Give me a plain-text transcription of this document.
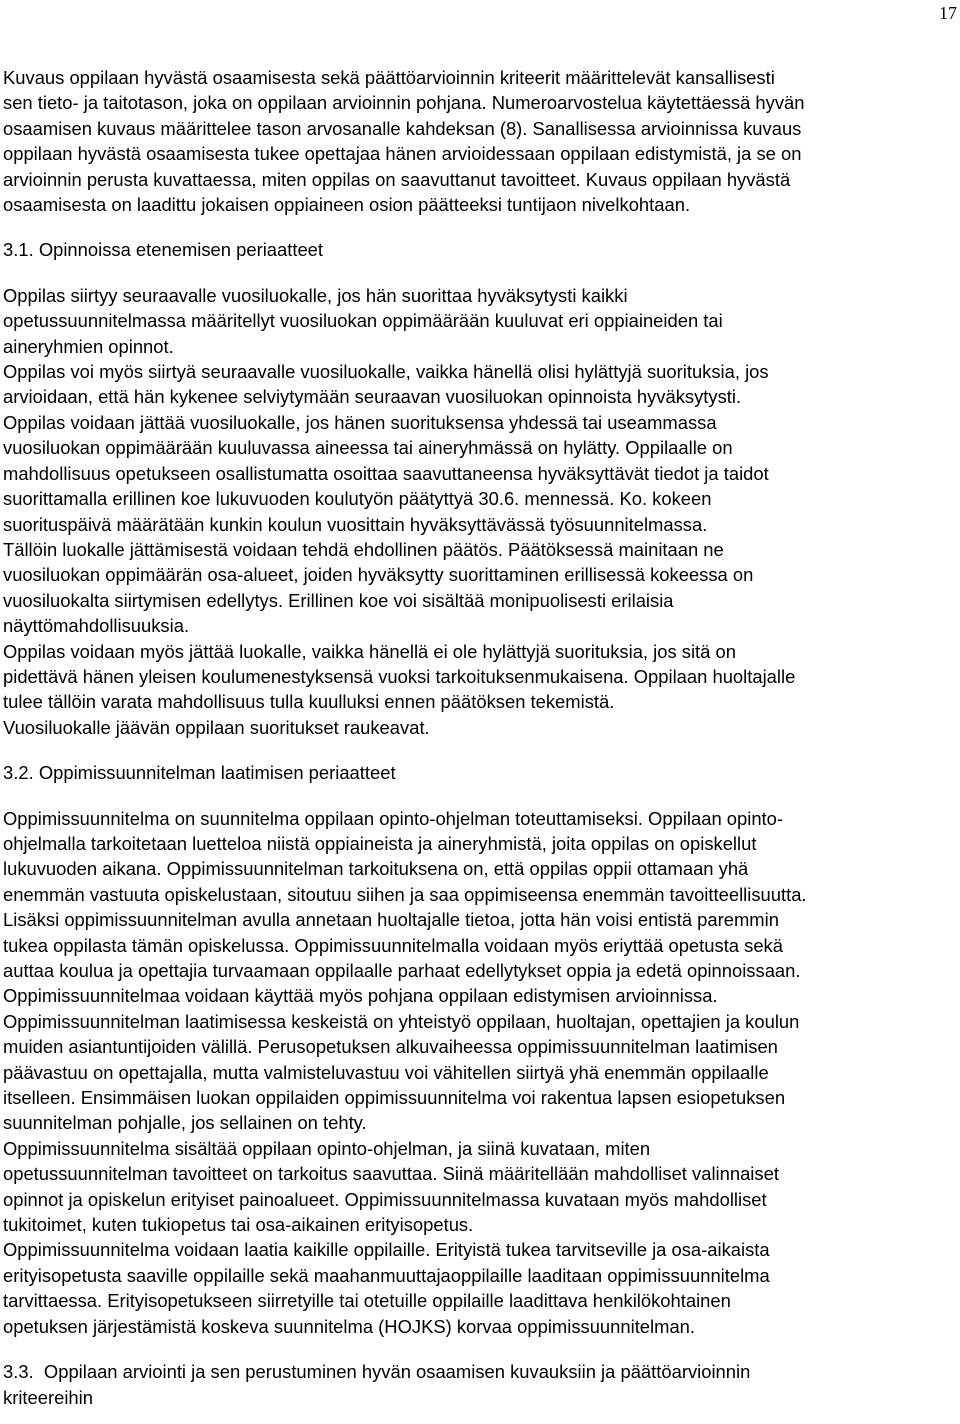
17

Kuvaus oppilaan hyvästä osaamisesta sekä päättöarvioinnin kriteerit määrittelevät kansallisesti
sen tieto- ja taitotason, joka on oppilaan arvioinnin pohjana. Numeroarvostelua käytettäessä hyvän
osaamisen kuvaus määrittelee tason arvosanalle kahdeksan (8). Sanallisessa arvioinnissa kuvaus
oppilaan hyvästä osaamisesta tukee opettajaa hänen arvioidessaan oppilaan edistymistä, ja se on
arvioinnin perusta kuvattaessa, miten oppilas on saavuttanut tavoitteet. Kuvaus oppilaan hyvästä
osaamisesta on laadittu jokaisen oppiaineen osion päätteeksi tuntijaon nivelkohtaan.

3.1. Opinnoissa etenemisen periaatteet

Oppilas siirtyy seuraavalle vuosiluokalle, jos hän suorittaa hyväksytysti kaikki
opetussuunnitelmassa määritellyt vuosiluokan oppimäärään kuuluvat eri oppiaineiden tai
aineryhmien opinnot.
Oppilas voi myös siirtyä seuraavalle vuosiluokalle, vaikka hänellä olisi hylättyjä suorituksia, jos
arvioidaan, että hän kykenee selviytymään seuraavan vuosiluokan opinnoista hyväksytysti.
Oppilas voidaan jättää vuosiluokalle, jos hänen suorituksensa yhdessä tai useammassa
vuosiluokan oppimäärään kuuluvassa aineessa tai aineryhmässä on hylätty. Oppilaalle on
mahdollisuus opetukseen osallistumatta osoittaa saavuttaneensa hyväksyttävät tiedot ja taidot
suorittamalla erillinen koe lukuvuoden koulutyön päätyttyä 30.6. mennessä. Ko. kokeen
suorituspäivä määrätään kunkin koulun vuosittain hyväksyttävässä työsuunnitelmassa.
Tällöin luokalle jättämisestä voidaan tehdä ehdollinen päätös. Päätöksessä mainitaan ne
vuosiluokan oppimäärän osa-alueet, joiden hyväksytty suorittaminen erillisessä kokeessa on
vuosiluokalta siirtymisen edellytys. Erillinen koe voi sisältää monipuolisesti erilaisia
näyttömahdollisuuksia.
Oppilas voidaan myös jättää luokalle, vaikka hänellä ei ole hylättyjä suorituksia, jos sitä on
pidettävä hänen yleisen koulumenestyksensä vuoksi tarkoituksenmukaisena. Oppilaan huoltajalle
tulee tällöin varata mahdollisuus tulla kuulluksi ennen päätöksen tekemistä.
Vuosiluokalle jäävän oppilaan suoritukset raukeavat.

3.2. Oppimissuunnitelman laatimisen periaatteet

Oppimissuunnitelma on suunnitelma oppilaan opinto-ohjelman toteuttamiseksi. Oppilaan opinto-
ohjelmalla tarkoitetaan luetteloa niistä oppiaineista ja aineryhmistä, joita oppilas on opiskellut
lukuvuoden aikana. Oppimissuunnitelman tarkoituksena on, että oppilas oppii ottamaan yhä
enemmän vastuuta opiskelustaan, sitoutuu siihen ja saa oppimiseensa enemmän tavoitteellisuutta.
Lisäksi oppimissuunnitelman avulla annetaan huoltajalle tietoa, jotta hän voisi entistä paremmin
tukea oppilasta tämän opiskelussa. Oppimissuunnitelmalla voidaan myös eriyttää opetusta sekä
auttaa koulua ja opettajia turvaamaan oppilaalle parhaat edellytykset oppia ja edetä opinnoissaan.
Oppimissuunnitelmaa voidaan käyttää myös pohjana oppilaan edistymisen arvioinnissa.
Oppimissuunnitelman laatimisessa keskeistä on yhteistyö oppilaan, huoltajan, opettajien ja koulun
muiden asiantuntijoiden välillä. Perusopetuksen alkuvaiheessa oppimissuunnitelman laatimisen
päävastuu on opettajalla, mutta valmisteluvastuu voi vähitellen siirtyä yhä enemmän oppilaalle
itselleen. Ensimmäisen luokan oppilaiden oppimissuunnitelma voi rakentua lapsen esiopetuksen
suunnitelman pohjalle, jos sellainen on tehty.
Oppimissuunnitelma sisältää oppilaan opinto-ohjelman, ja siinä kuvataan, miten
opetussuunnitelman tavoitteet on tarkoitus saavuttaa. Siinä määritellään mahdolliset valinnaiset
opinnot ja opiskelun erityiset painoalueet. Oppimissuunnitelmassa kuvataan myös mahdolliset
tukitoimet, kuten tukiopetus tai osa-aikainen erityisopetus.
Oppimissuunnitelma voidaan laatia kaikille oppilaille. Erityistä tukea tarvitseville ja osa-aikaista
erityisopetusta saaville oppilaille sekä maahanmuuttajaoppilaille laaditaan oppimissuunnitelma
tarvittaessa. Erityisopetukseen siirretyille tai otetuille oppilaille laadittava henkilökohtainen
opetuksen järjestämistä koskeva suunnitelma (HOJKS) korvaa oppimissuunnitelman.

3.3. Oppilaan arviointi ja sen perustuminen hyvän osaamisen kuvauksiin ja päättöarvioinnin
kriteereihin
